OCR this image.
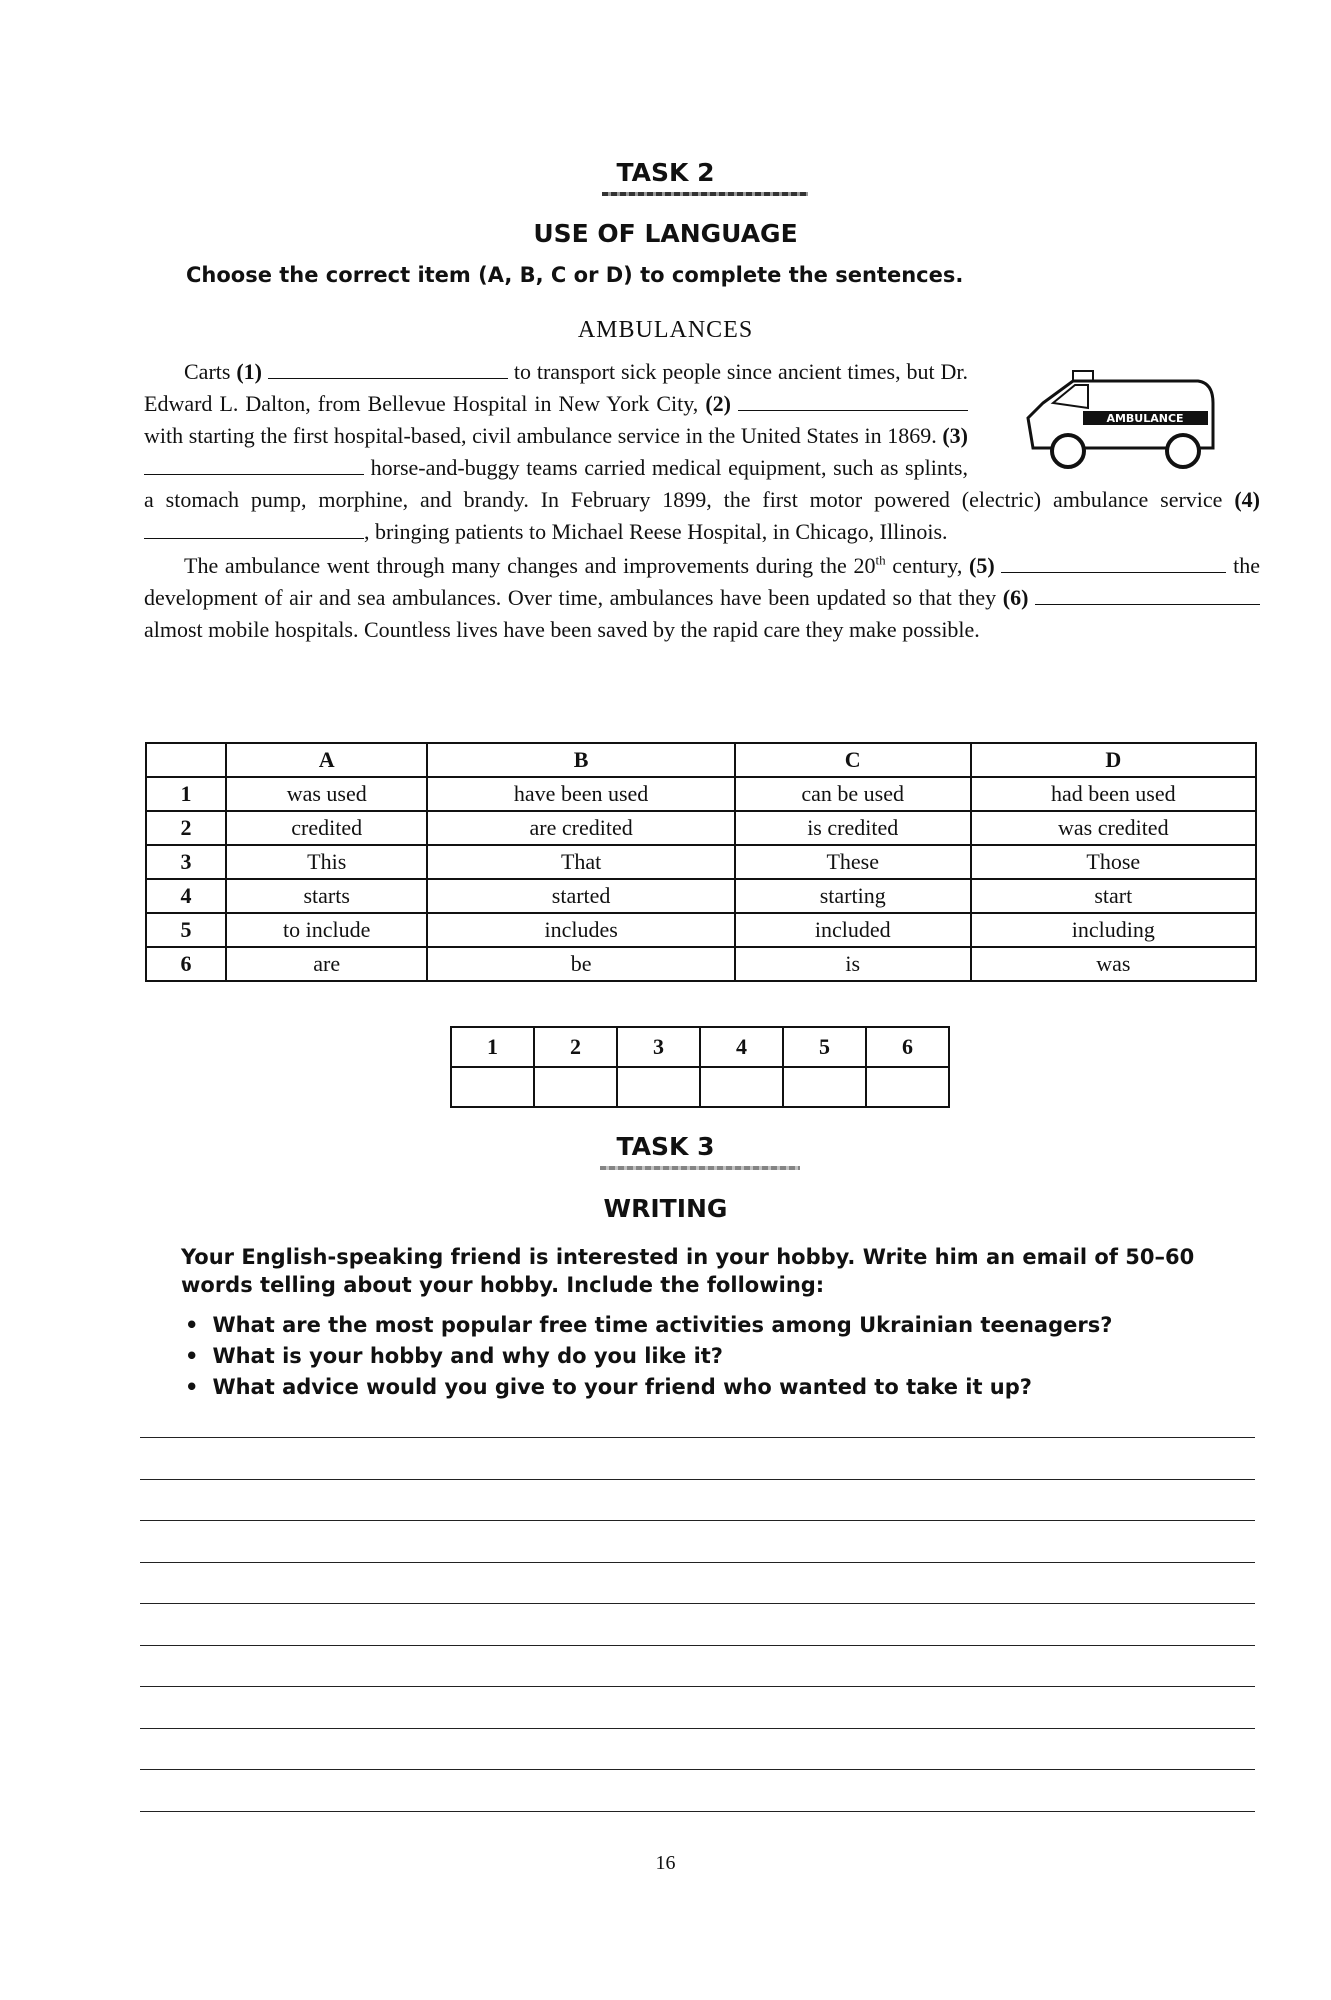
TASK 2
USE OF LANGUAGE
Choose the correct item (A, B, C or D) to complete the sentences.
AMBULANCES
AMBULANCE

Carts (1)	to transport sick people since ancient times, but Dr. Edward L. Dalton, from Bellevue Hospital in New York City, (2)  with starting the first hospital-based, civil ambulance service in the United States in 1869. (3)  horse-and-buggy teams carried medical equipment, such as splints, a stomach pump, morphine, and brandy. In February 1899, the first motor powered (electric) ambulance service (4) , bringing patients to Michael Reese Hospital, in Chicago, Illinois.

The ambulance went through many changes and improvements during the 20th century, (5)	the development of air and sea ambulances. Over time, ambulances have been updated so that they (6)  almost mobile hospitals. Countless lives have been saved by the rapid care they make possible.

	A	B	C	D
1	was used	have been used	can be used	had been used
2	credited	are credited	is credited	was credited
3	This	That	These	Those
4	starts	started	starting	start
5	to include	includes	included	including
6	are	be	is	was
1	2	3	4	5	6

TASK 3
WRITING
Your English-speaking friend is interested in your hobby. Write him an email of 50–60 words telling about your hobby. Include the following:
• What are the most popular free time activities among Ukrainian teenagers?
• What is your hobby and why do you like it?
• What advice would you give to your friend who wanted to take it up?
16
